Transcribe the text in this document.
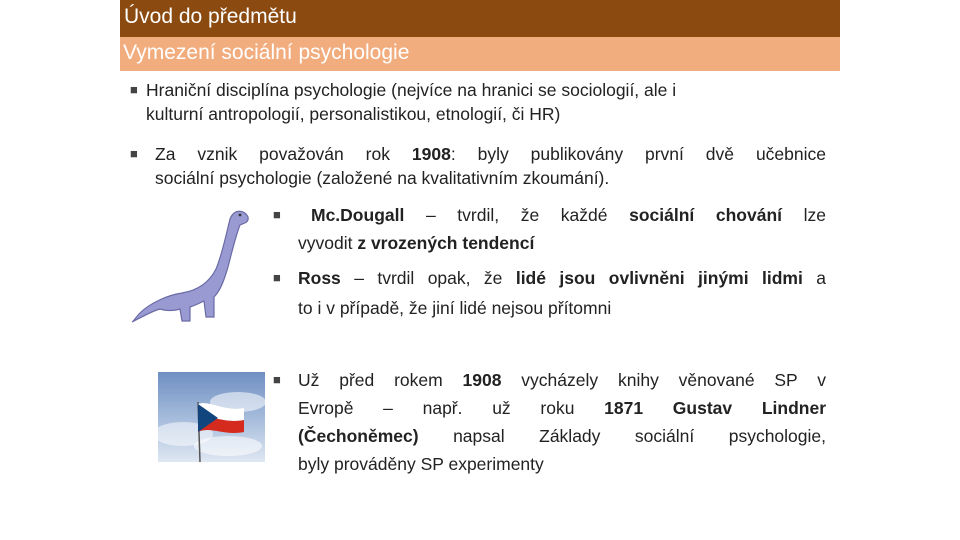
Úvod do předmětu
Vymezení sociální psychologie
■ Hraniční disciplína psychologie (nejvíce na hranici se sociologií, ale i
kulturní antropologií, personalistikou, etnologií, či HR)
■ Za vznik považován rok 1908: byly publikovány první dvě učebnice
sociální psychologie (založené na kvalitativním zkoumání).
■ Mc.Dougall – tvrdil, že každé sociální chování lze
vyvodit z vrozených tendencí
■ Ross – tvrdil opak, že lidé jsou ovlivněni jinými lidmi a
to i v případě, že jiní lidé nejsou přítomni
■ Už před rokem 1908 vycházely knihy věnované SP v
Evropě – např. už roku 1871 Gustav Lindner
(Čechoněmec) napsal Základy sociální psychologie,
byly prováděny SP experimenty
